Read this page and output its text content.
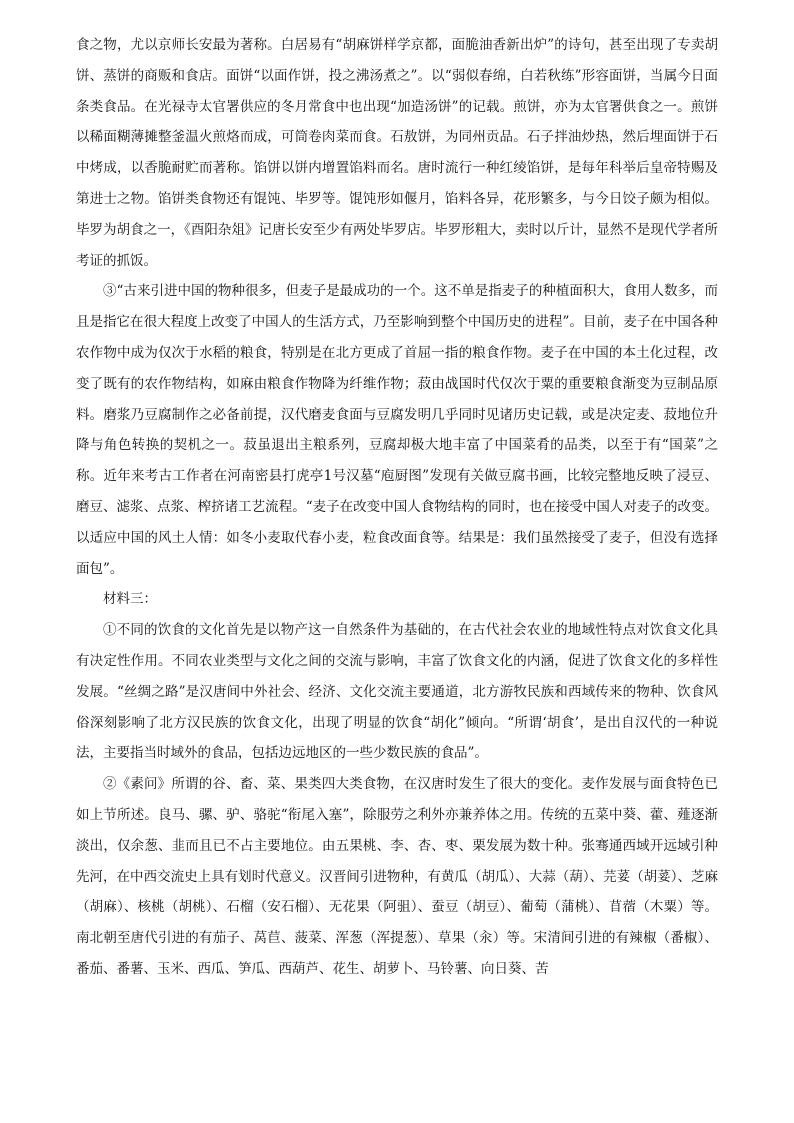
食之物，尤以京师长安最为著称。白居易有“胡麻饼样学京都，面脆油香新出炉”的诗句，甚至出现了专卖胡饼、蒸饼的商贩和食店。面饼“以面作饼，投之沸汤煮之”。以“弱似春绵，白若秋练”形容面饼，当属今日面条类食品。在光禄寺太官署供应的冬月常食中也出现“加造汤饼”的记载。煎饼，亦为太官署供食之一。煎饼以稀面糊薄摊整釜温火煎烙而成，可筒卷肉菜而食。石敖饼，为同州贡品。石子拌油炒热，然后埋面饼于石中烤成，以香脆耐贮而著称。馅饼以饼内增置馅料而名。唐时流行一种红绫馅饼，是每年科举后皇帝特赐及第进士之物。馅饼类食物还有馄饨、毕罗等。馄饨形如偃月，馅料各异，花形繁多，与今日饺子颇为相似。毕罗为胡食之一，《酉阳杂俎》记唐长安至少有两处毕罗店。毕罗形粗大，卖时以斤计，显然不是现代学者所考证的抓饭。

③“古来引进中国的物种很多，但麦子是最成功的一个。这不单是指麦子的种植面积大，食用人数多，而且是指它在很大程度上改变了中国人的生活方式，乃至影响到整个中国历史的进程”。目前，麦子在中国各种农作物中成为仅次于水稻的粮食，特别是在北方更成了首屈一指的粮食作物。麦子在中国的本土化过程，改变了既有的农作物结构，如麻由粮食作物降为纤维作物；菽由战国时代仅次于粟的重要粮食渐变为豆制品原料。磨浆乃豆腐制作之必备前提，汉代磨麦食面与豆腐发明几乎同时见诸历史记载，或是决定麦、菽地位升降与角色转换的契机之一。菽虽退出主粮系列，豆腐却极大地丰富了中国菜肴的品类，以至于有“国菜”之称。近年来考古工作者在河南密县打虎亭1号汉墓“庖厨图”发现有关做豆腐书画，比较完整地反映了浸豆、磨豆、滤浆、点浆、榨挤诸工艺流程。“麦子在改变中国人食物结构的同时，也在接受中国人对麦子的改变。以适应中国的风土人情：如冬小麦取代春小麦，粒食改面食等。结果是：我们虽然接受了麦子，但没有选择面包”。

材料三：

①不同的饮食的文化首先是以物产这一自然条件为基础的，在古代社会农业的地域性特点对饮食文化具有决定性作用。不同农业类型与文化之间的交流与影响，丰富了饮食文化的内涵，促进了饮食文化的多样性发展。“丝绸之路”是汉唐间中外社会、经济、文化交流主要通道，北方游牧民族和西域传来的物种、饮食风俗深刻影响了北方汉民族的饮食文化，出现了明显的饮食“胡化”倾向。“所谓‘胡食’，是出自汉代的一种说法，主要指当时域外的食品，包括边远地区的一些少数民族的食品”。

②《素问》所谓的谷、畜、菜、果类四大类食物，在汉唐时发生了很大的变化。麦作发展与面食特色已如上节所述。良马、骡、驴、骆驼“衔尾入塞”，除服劳之利外亦兼养体之用。传统的五菜中葵、藿、薤逐渐淡出，仅余葱、韭而且已不占主要地位。由五果桃、李、杏、枣、栗发展为数十种。张骞通西域开远域引种先河，在中西交流史上具有划时代意义。汉晋间引进物种，有黄瓜（胡瓜）、大蒜（葫）、芫荽（胡荽）、芝麻（胡麻）、核桃（胡桃）、石榴（安石榴）、无花果（阿驵）、蚕豆（胡豆）、葡萄（蒲桃）、苜蓿（木粟）等。南北朝至唐代引进的有茄子、莴苣、菠菜、浑葱（浑提葱）、草果（汆）等。宋清间引进的有辣椒（番椒）、番茄、番薯、玉米、西瓜、笋瓜、西葫芦、花生、胡萝卜、马铃薯、向日葵、苦
